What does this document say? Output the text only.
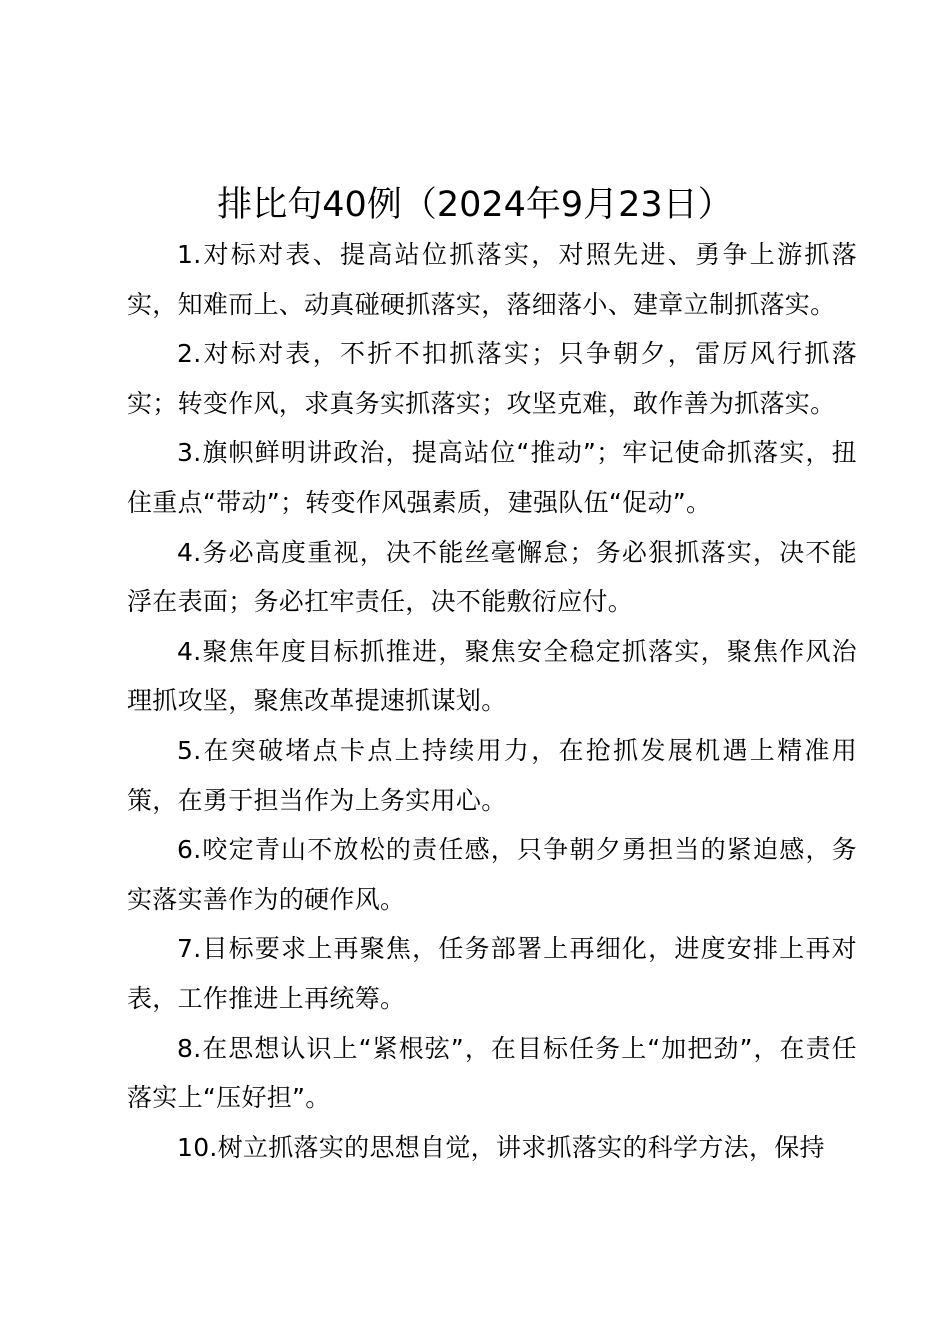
排比句40例（2024年9月23日）

1.对标对表、提高站位抓落实，对照先进、勇争上游抓落实，知难而上、动真碰硬抓落实，落细落小、建章立制抓落实。

2.对标对表，不折不扣抓落实；只争朝夕，雷厉风行抓落实；转变作风，求真务实抓落实；攻坚克难，敢作善为抓落实。

3.旗帜鲜明讲政治，提高站位“推动”；牢记使命抓落实，扭住重点“带动”；转变作风强素质，建强队伍“促动”。

4.务必高度重视，决不能丝毫懈怠；务必狠抓落实，决不能浮在表面；务必扛牢责任，决不能敷衍应付。

4.聚焦年度目标抓推进，聚焦安全稳定抓落实，聚焦作风治理抓攻坚，聚焦改革提速抓谋划。

5.在突破堵点卡点上持续用力，在抢抓发展机遇上精准用策，在勇于担当作为上务实用心。

6.咬定青山不放松的责任感，只争朝夕勇担当的紧迫感，务实落实善作为的硬作风。

7.目标要求上再聚焦，任务部署上再细化，进度安排上再对表，工作推进上再统筹。

8.在思想认识上“紧根弦”，在目标任务上“加把劲”，在责任落实上“压好担”。

10.树立抓落实的思想自觉，讲求抓落实的科学方法，保持
